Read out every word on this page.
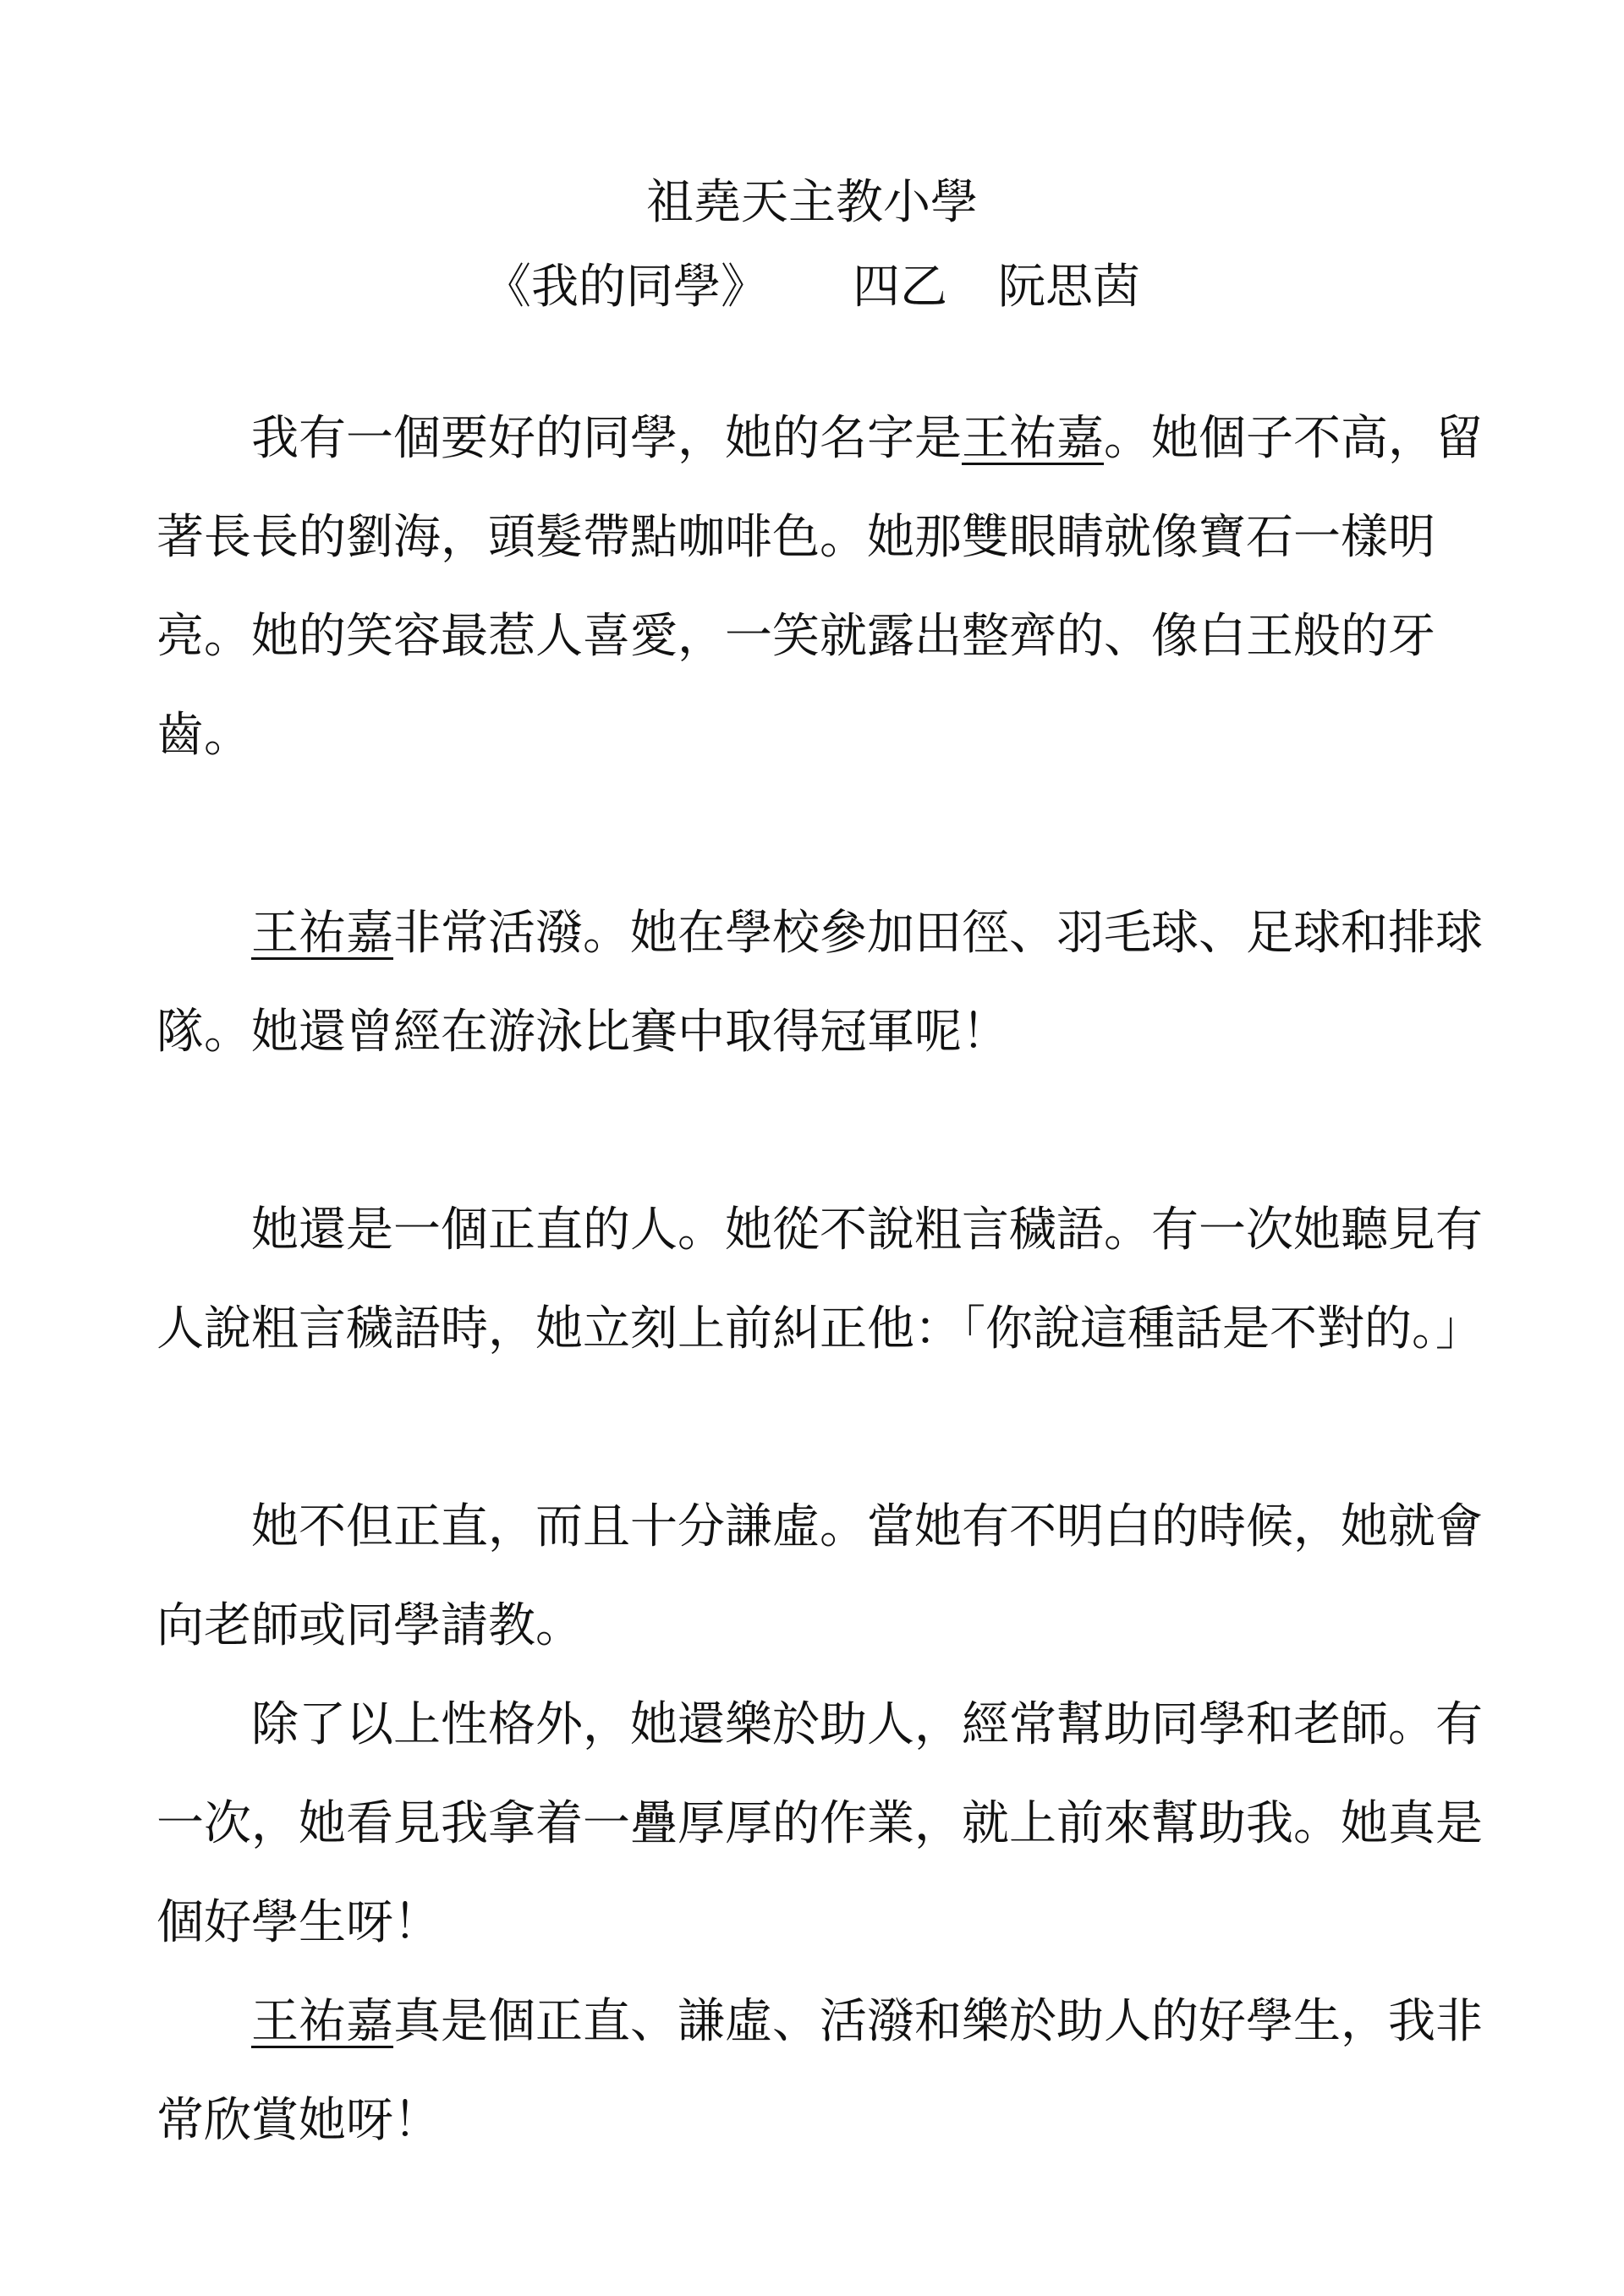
祖堯天主教小學
《我的同學》 四乙 阮思茵

我有一個要好的同學，她的名字是王祐嘉。她個子不高，留著長長的劉海，頭髮帶點咖啡色。她那雙眼睛就像寶石一樣明亮。她的笑容最惹人喜愛，一笑就露出整齊的、像白王般的牙齒。

王祐嘉非常活潑。她在學校參加田徑、羽毛球、足球和排球隊。她還曾經在游泳比賽中取得冠軍呢！

她還是一個正直的人。她從不說粗言穢語。有一次她聽見有人說粗言穢語時，她立刻上前糾正他：「你說這種話是不對的。」

她不但正直，而且十分謙虛。當她有不明白的時候，她就會向老師或同學請教。

除了以上性格外，她還樂於助人，經常幫助同學和老師。有一次，她看見我拿着一疊厚厚的作業，就上前來幫助我。她真是個好學生呀！

王祐嘉真是個正直、謙虛、活潑和樂於助人的好學生，我非常欣賞她呀！
